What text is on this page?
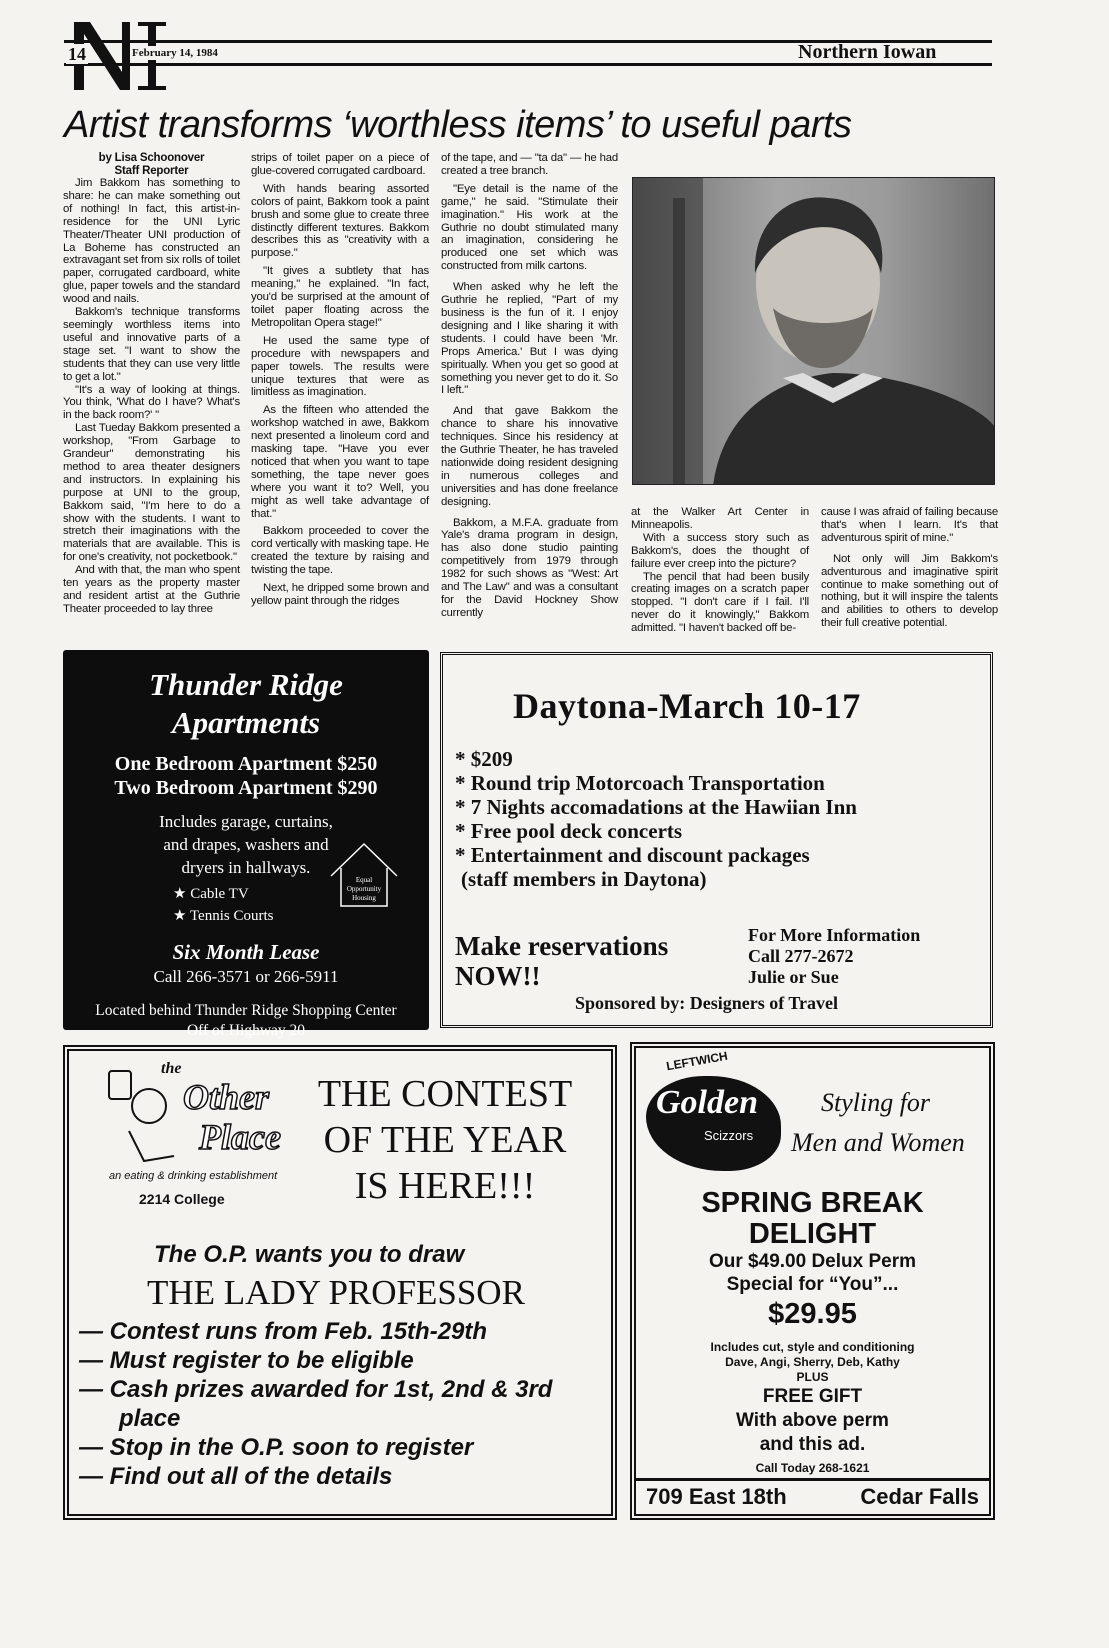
14	February 14, 1984	Northern Iowan
Artist transforms ‘worthless items’ to useful parts
by Lisa Schoonover
Staff Reporter

Jim Bakkom has something to share: he can make something out of nothing! In fact, this artist-in-residence for the UNI Lyric Theater/Theater UNI production of La Boheme has constructed an extravagant set from six rolls of toilet paper, corrugated cardboard, white glue, paper towels and the standard wood and nails.

Bakkom's technique transforms seemingly worthless items into useful and innovative parts of a stage set. "I want to show the students that they can use very little to get a lot."

"It's a way of looking at things. You think, 'What do I have? What's in the back room?' "

Last Tueday Bakkom presented a workshop, "From Garbage to Grandeur" demonstrating his method to area theater designers and instructors. In explaining his purpose at UNI to the group, Bakkom said, "I'm here to do a show with the students. I want to stretch their imaginations with the materials that are available. This is for one's creativity, not pocketbook."

And with that, the man who spent ten years as the property master and resident artist at the Guthrie Theater proceeded to lay three

strips of toilet paper on a piece of glue-covered corrugated cardboard.

With hands bearing assorted colors of paint, Bakkom took a paint brush and some glue to create three distinctly different textures. Bakkom describes this as "creativity with a purpose."

"It gives a subtlety that has meaning," he explained. "In fact, you'd be surprised at the amount of toilet paper floating across the Metropolitan Opera stage!"

He used the same type of procedure with newspapers and paper towels. The results were unique textures that were as limitless as imagination.

As the fifteen who attended the workshop watched in awe, Bakkom next presented a linoleum cord and masking tape. "Have you ever noticed that when you want to tape something, the tape never goes where you want it to? Well, you might as well take advantage of that."

Bakkom proceeded to cover the cord vertically with masking tape. He created the texture by raising and twisting the tape.

Next, he dripped some brown and yellow paint through the ridges

of the tape, and — "ta da" — he had created a tree branch.

"Eye detail is the name of the game," he said. "Stimulate their imagination." His work at the Guthrie no doubt stimulated many an imagination, considering he produced one set which was constructed from milk cartons.

When asked why he left the Guthrie he replied, "Part of my business is the fun of it. I enjoy designing and I like sharing it with students. I could have been 'Mr. Props America.' But I was dying spiritually. When you get so good at something you never get to do it. So I left."

And that gave Bakkom the chance to share his innovative techniques. Since his residency at the Guthrie Theater, he has traveled nationwide doing resident designing in numerous colleges and universities and has done freelance designing.

Bakkom, a M.F.A. graduate from Yale's drama program in design, has also done studio painting competitively from 1979 through 1982 for such shows as "West: Art and The Law" and was a consultant for the David Hockney Show currently

at the Walker Art Center in Minneapolis.

With a success story such as Bakkom's, does the thought of failure ever creep into the picture?

The pencil that had been busily creating images on a scratch paper stopped. "I don't care if I fail. I'll never do it knowingly," Bakkom admitted. "I haven't backed off be-

cause I was afraid of failing because that's when I learn. It's that adventurous spirit of mine."

Not only will Jim Bakkom's adventurous and imaginative spirit continue to make something out of nothing, but it will inspire the talents and abilities to others to develop their full creative potential.

Thunder Ridge
Apartments
One Bedroom Apartment $250
Two Bedroom Apartment $290
Includes garage, curtains,
and drapes, washers and
dryers in hallways.
★ Cable TV
★ Tennis Courts
Equal
Opportunity
Housing
Six Month Lease
Call 266-3571 or 266-5911
Located behind Thunder Ridge Shopping Center
Off of Highway 20
Daytona-March 10-17
* $209
* Round trip Motorcoach Transportation
* 7 Nights accomadations at the Hawiian Inn
* Free pool deck concerts
* Entertainment and discount packages
(staff members in Daytona)
Make reservations
NOW!!
For More Information
Call 277-2672
Julie or Sue
Sponsored by: Designers of Travel
the
Other
Place
an eating & drinking establishment
2214 College
THE CONTEST
OF THE YEAR
IS HERE!!!
The O.P. wants you to draw
THE LADY PROFESSOR
— Contest runs from Feb. 15th-29th
— Must register to be eligible
— Cash prizes awarded for 1st, 2nd & 3rd place
— Stop in the O.P. soon to register
— Find out all of the details
LEFTWICH
Golden
Scizzors
Styling for
Men and Women
SPRING BREAK
DELIGHT
Our $49.00 Delux Perm
Special for “You”...
$29.95
Includes cut, style and conditioning
Dave, Angi, Sherry, Deb, Kathy
PLUS
FREE GIFT
With above perm
and this ad.
Call Today 268-1621
709 East 18th	Cedar Falls
